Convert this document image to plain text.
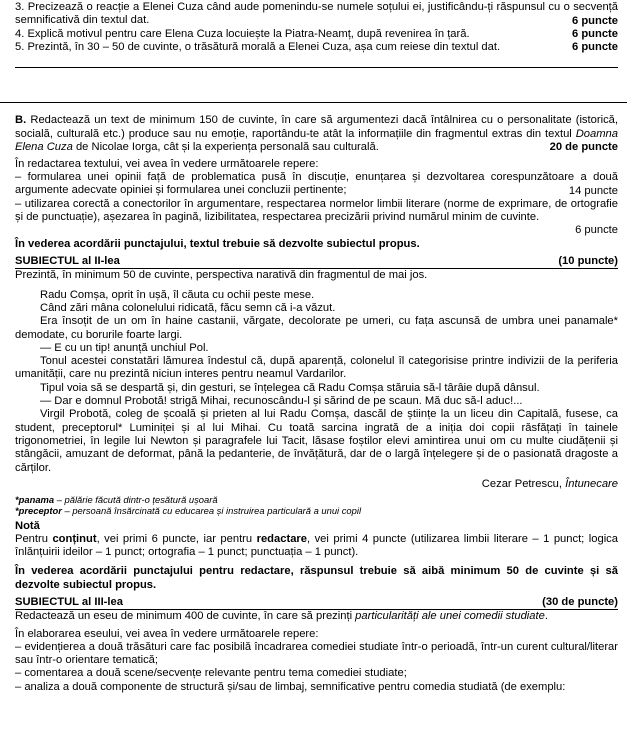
3. Precizează o reacție a Elenei Cuza când aude pomenindu-se numele soțului ei, justificându-ți răspunsul cu o secvență semnificativă din textul dat.	6 puncte
4. Explică motivul pentru care Elena Cuza locuiește la Piatra-Neamț, după revenirea în țară.	6 puncte
5. Prezintă, în 30 – 50 de cuvinte, o trăsătură morală a Elenei Cuza, așa cum reiese din textul dat.	6 puncte
B. Redactează un text de minimum 150 de cuvinte, în care să argumentezi dacă întâlnirea cu o personalitate (istorică, socială, culturală etc.) produce sau nu emoție, raportându-te atât la informațiile din fragmentul extras din textul Doamna Elena Cuza de Nicolae Iorga, cât și la experiența personală sau culturală.	20 de puncte
În redactarea textului, vei avea în vedere următoarele repere:
– formularea unei opinii față de problematica pusă în discuție, enunțarea și dezvoltarea corespunzătoare a două argumente adecvate opiniei și formularea unei concluzii pertinente;	14 puncte
– utilizarea corectă a conectorilor în argumentare, respectarea normelor limbii literare (norme de exprimare, de ortografie și de punctuație), așezarea în pagină, lizibilitatea, respectarea precizării privind numărul minim de cuvinte.
6 puncte
În vederea acordării punctajului, textul trebuie să dezvolte subiectul propus.
SUBIECTUL al II-lea	(10 puncte)
Prezintă, în minimum 50 de cuvinte, perspectiva narativă din fragmentul de mai jos.

Radu Comșa, oprit în ușă, îl căuta cu ochii peste mese.

Când zări mâna colonelului ridicată, făcu semn că i-a văzut.

Era însoțit de un om în haine castanii, vărgate, decolorate pe umeri, cu fața ascunsă de umbra unei panamale* demodate, cu borurile foarte largi.

— E cu un tip! anunță unchiul Pol.

Tonul acestei constatări lămurea îndestul că, după aparență, colonelul îl categorisise printre indivizii de la periferia umanității, care nu prezintă niciun interes pentru neamul Vardarilor.

Tipul voia să se despartă și, din gesturi, se înțelegea că Radu Comșa stăruia să-l târâie după dânsul.

— Dar e domnul Probotă! strigă Mihai, recunoscându-l și sărind de pe scaun. Mă duc să-l aduc!...

Virgil Probotă, coleg de școală și prieten al lui Radu Comșa, dascăl de științe la un liceu din Capitală, fusese, ca student, preceptorul* Luminiței și al lui Mihai. Cu toată sarcina ingrată de a iniția doi copii răsfățați în tainele trigonometriei, în legile lui Newton și paragrafele lui Tacit, lăsase foștilor elevi amintirea unui om cu multe ciudățenii și stângăcii, amuzant de deformat, până la pedanterie, de învățătură, dar de o largă înțelegere și de o pasionată dragoste a cărților.

Cezar Petrescu, Întunecare
*panama – pălărie făcută dintr-o țesătură ușoară
*preceptor – persoană însărcinată cu educarea și instruirea particulară a unui copil
Notă
Pentru conținut, vei primi 6 puncte, iar pentru redactare, vei primi 4 puncte (utilizarea limbii literare – 1 punct; logica înlănțuirii ideilor – 1 punct; ortografia – 1 punct; punctuația – 1 punct).
În vederea acordării punctajului pentru redactare, răspunsul trebuie să aibă minimum 50 de cuvinte și să dezvolte subiectul propus.
SUBIECTUL al III-lea	(30 de puncte)
Redactează un eseu de minimum 400 de cuvinte, în care să prezinți particularități ale unei comedii studiate.
În elaborarea eseului, vei avea în vedere următoarele repere:
– evidențierea a două trăsături care fac posibilă încadrarea comediei studiate într-o perioadă, într-un curent cultural/literar sau într-o orientare tematică;
– comentarea a două scene/secvențe relevante pentru tema comediei studiate;
– analiza a două componente de structură și/sau de limbaj, semnificative pentru comedia studiată (de exemplu:
